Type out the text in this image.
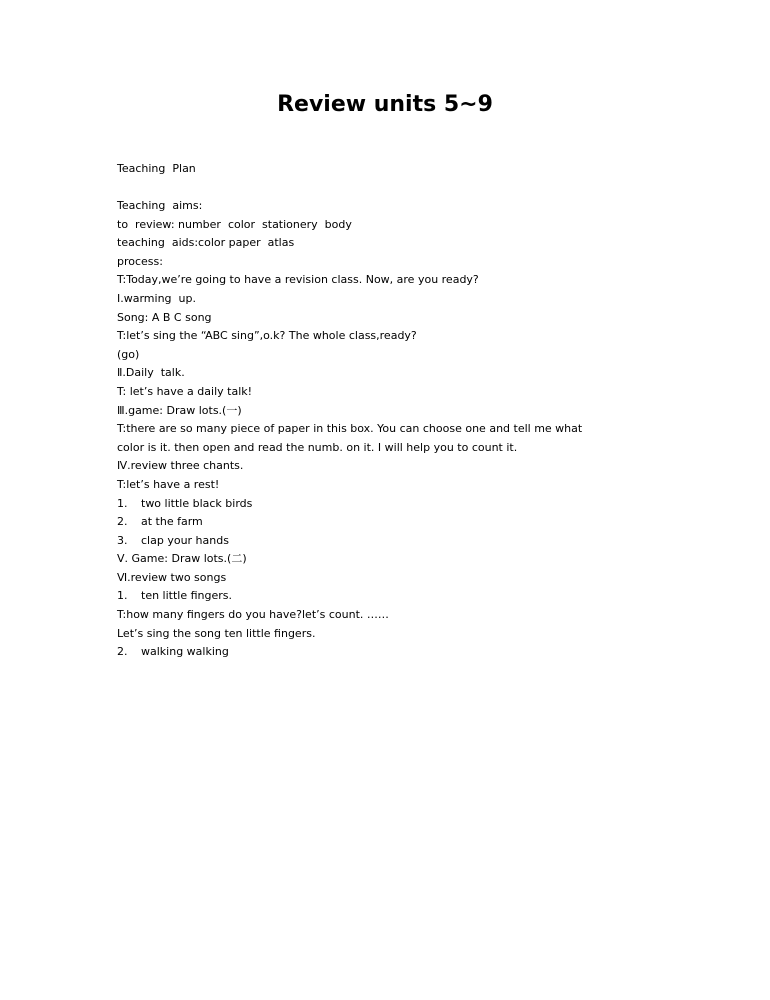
Review units 5~9

Teaching  Plan

Teaching  aims:
to  review: number  color  stationery  body
teaching  aids:color paper  atlas
process:
T:Today,we’re going to have a revision class. Now, are you ready?
Ⅰ.warming  up.
Song: A B C song
T:let’s sing the “ABC sing”,o.k? The whole class,ready?
(go)
Ⅱ.Daily  talk.
T: let’s have a daily talk!
Ⅲ.game: Draw lots.(一)
T:there are so many piece of paper in this box. You can choose one and tell me what color is it. then open and read the numb. on it. I will help you to count it.
Ⅳ.review three chants.
T:let’s have a rest!
1.	two little black birds
2.	at the farm
3.	clap your hands
Ⅴ. Game: Draw lots.(二)
Ⅵ.review two songs
1.	ten little fingers.
T:how many fingers do you have?let’s count. ……
Let’s sing the song ten little fingers.
2.	walking walking
